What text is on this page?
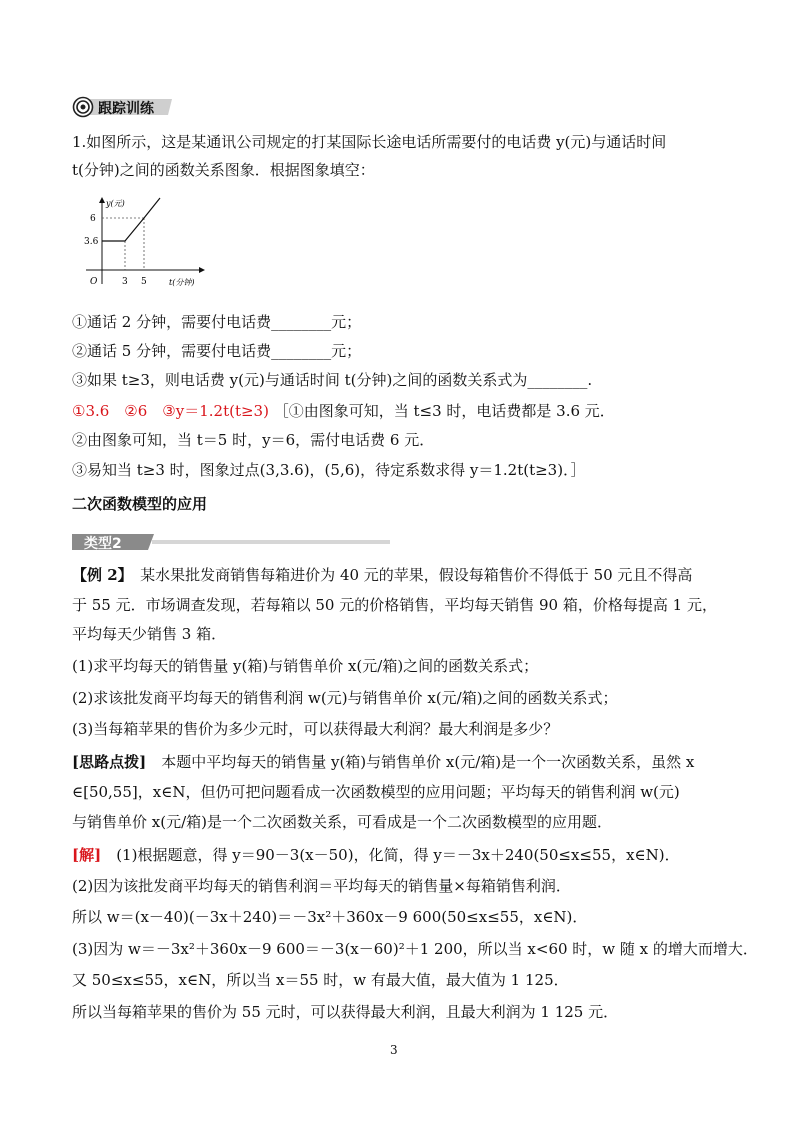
跟踪训练
1.如图所示，这是某通讯公司规定的打某国际长途电话所需要付的电话费 y(元)与通话时间
t(分钟)之间的函数关系图象．根据图象填空：
y(元)
6
3.6
O	3 5	t(分钟)
①通话 2 分钟，需要付电话费________元；
②通话 5 分钟，需要付电话费________元；
③如果 t≥3，则电话费 y(元)与通话时间 t(分钟)之间的函数关系式为________.
①3.6　②6　③y＝1.2t(t≥3) ［①由图象可知，当 t≤3 时，电话费都是 3.6 元．
②由图象可知，当 t＝5 时，y＝6，需付电话费 6 元．
③易知当 t≥3 时，图象过点(3,3.6)，(5,6)，待定系数求得 y＝1.2t(t≥3)．］
二次函数模型的应用
类型2
【例 2】　某水果批发商销售每箱进价为 40 元的苹果，假设每箱售价不得低于 50 元且不得高
于 55 元．市场调查发现，若每箱以 50 元的价格销售，平均每天销售 90 箱，价格每提高 1 元，
平均每天少销售 3 箱．
(1)求平均每天的销售量 y(箱)与销售单价 x(元/箱)之间的函数关系式；
(2)求该批发商平均每天的销售利润 w(元)与销售单价 x(元/箱)之间的函数关系式；
(3)当每箱苹果的售价为多少元时，可以获得最大利润？最大利润是多少？
[思路点拨]　本题中平均每天的销售量 y(箱)与销售单价 x(元/箱)是一个一次函数关系，虽然 x
∈[50,55]，x∈N，但仍可把问题看成一次函数模型的应用问题；平均每天的销售利润 w(元)
与销售单价 x(元/箱)是一个二次函数关系，可看成是一个二次函数模型的应用题．
[解]　(1)根据题意，得 y＝90－3(x－50)，化简，得 y＝－3x＋240(50≤x≤55，x∈N)．
(2)因为该批发商平均每天的销售利润＝平均每天的销售量×每箱销售利润．
所以 w＝(x－40)(－3x＋240)＝－3x²＋360x－9 600(50≤x≤55，x∈N)．
(3)因为 w＝－3x²＋360x－9 600＝－3(x－60)²＋1 200，所以当 x<60 时，w 随 x 的增大而增大．
又 50≤x≤55，x∈N，所以当 x＝55 时，w 有最大值，最大值为 1 125．
所以当每箱苹果的售价为 55 元时，可以获得最大利润，且最大利润为 1 125 元．
3
